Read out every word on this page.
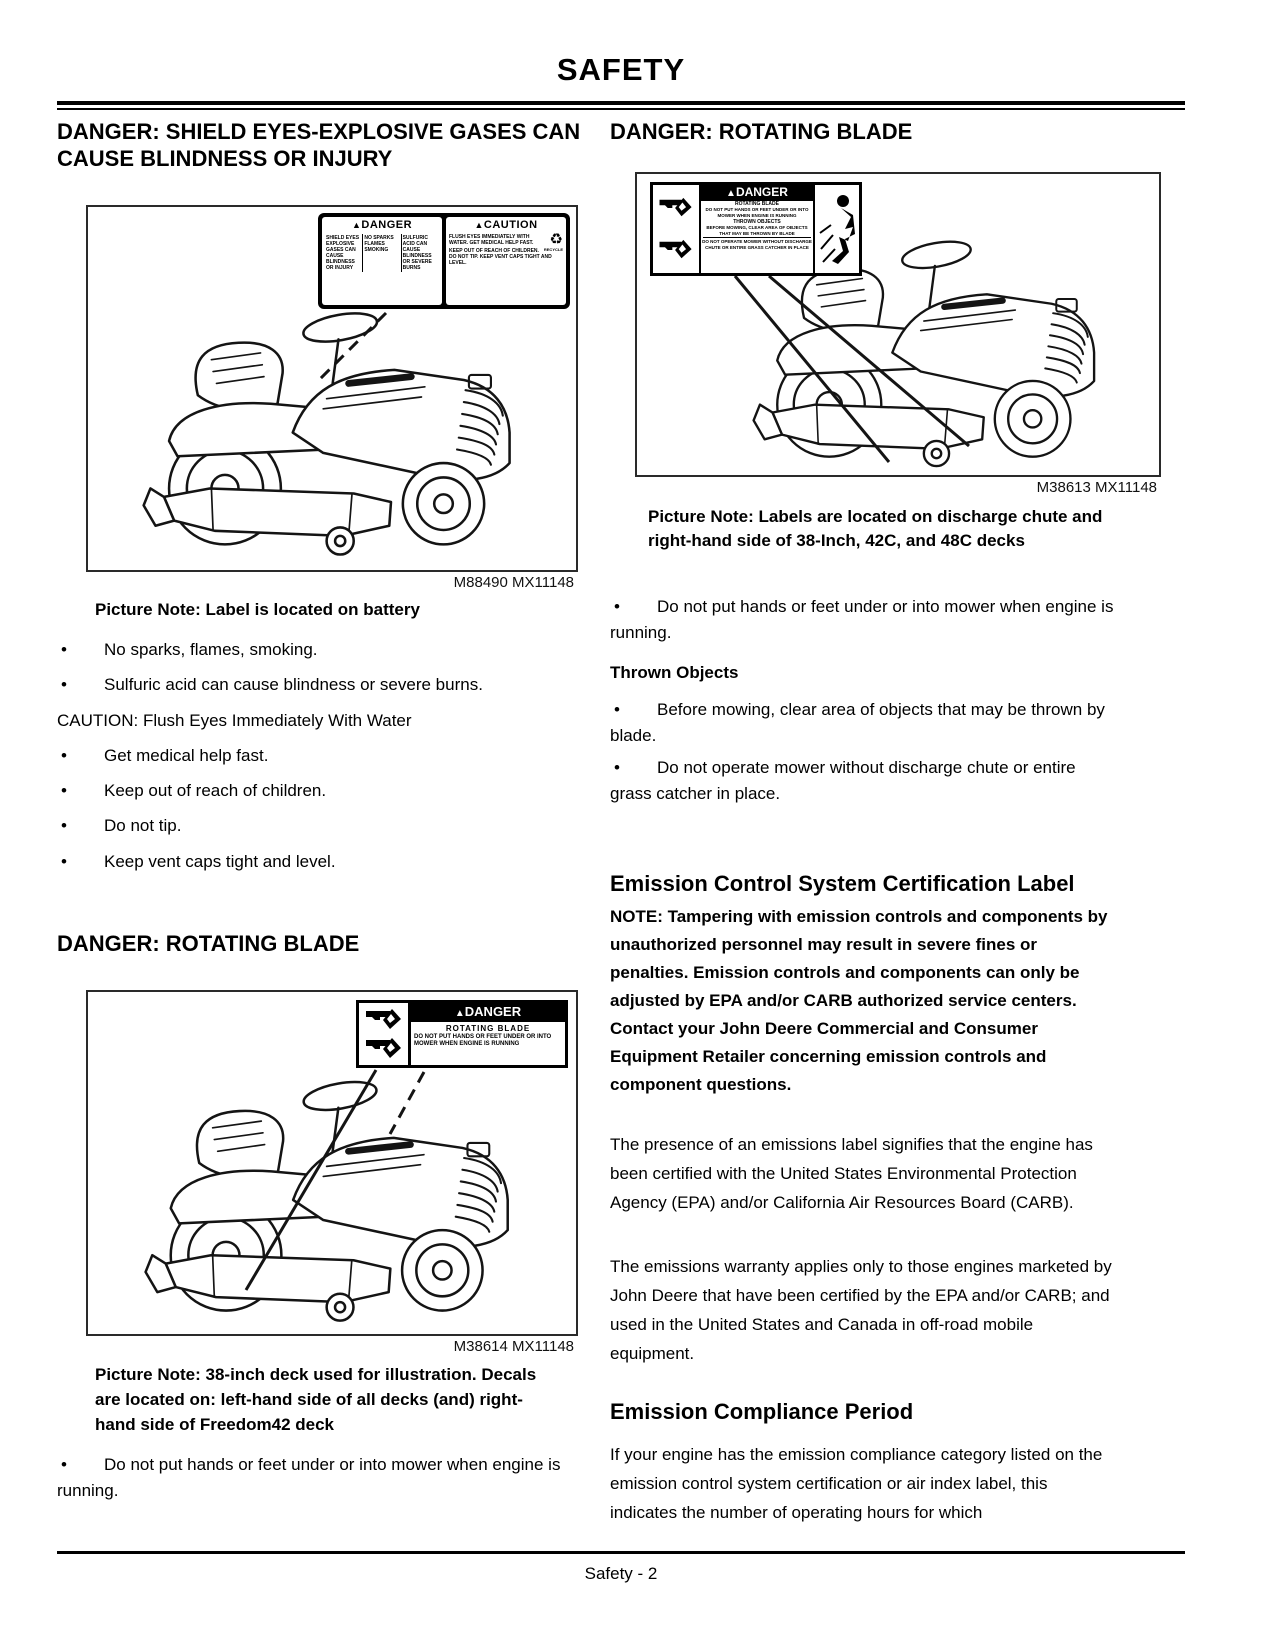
SAFETY
DANGER: SHIELD EYES-EXPLOSIVE GASES CAN CAUSE BLINDNESS OR INJURY
▲DANGER
SHIELD EYES EXPLOSIVE GASES CAN CAUSE BLINDNESS OR INJURY
NO SPARKS FLAMES SMOKING
SULFURIC ACID CAN CAUSE BLINDNESS OR SEVERE BURNS
▲CAUTION
♻
RECYCLE
FLUSH EYES IMMEDIATELY WITH WATER. GET MEDICAL HELP FAST.
KEEP OUT OF REACH OF CHILDREN. DO NOT TIP. KEEP VENT CAPS TIGHT AND LEVEL.
M88490 MX11148

Picture Note: Label is located on battery

• No sparks, flames, smoking.

• Sulfuric acid can cause blindness or severe burns.

CAUTION: Flush Eyes Immediately With Water

• Get medical help fast.

• Keep out of reach of children.

• Do not tip.

• Keep vent caps tight and level.

DANGER: ROTATING BLADE
▲DANGER
ROTATING BLADE
DO NOT PUT HANDS OR FEET UNDER OR INTO MOWER WHEN ENGINE IS RUNNING
M38614 MX11148

Picture Note: 38-inch deck used for illustration. Decals are located on: left-hand side of all decks (and) right-hand side of Freedom42 deck

• Do not put hands or feet under or into mower when engine is running.

DANGER: ROTATING BLADE
▲DANGER
ROTATING BLADE
DO NOT PUT HANDS OR FEET UNDER OR INTO MOWER WHEN ENGINE IS RUNNING
THROWN OBJECTS
BEFORE MOWING, CLEAR AREA OF OBJECTS THAT MAY BE THROWN BY BLADE
DO NOT OPERATE MOWER WITHOUT DISCHARGE CHUTE OR ENTIRE GRASS CATCHER IN PLACE
M38613 MX11148

Picture Note: Labels are located on discharge chute and right-hand side of 38-Inch, 42C, and 48C decks

• Do not put hands or feet under or into mower when engine is running.

Thrown Objects

• Before mowing, clear area of objects that may be thrown by blade.

• Do not operate mower without discharge chute or entire grass catcher in place.

Emission Control System Certification Label

NOTE: Tampering with emission controls and components by unauthorized personnel may result in severe fines or penalties. Emission controls and components can only be adjusted by EPA and/or CARB authorized service centers. Contact your John Deere Commercial and Consumer Equipment Retailer concerning emission controls and component questions.

The presence of an emissions label signifies that the engine has been certified with the United States Environmental Protection Agency (EPA) and/or California Air Resources Board (CARB).

The emissions warranty applies only to those engines marketed by John Deere that have been certified by the EPA and/or CARB; and used in the United States and Canada in off-road mobile equipment.

Emission Compliance Period

If your engine has the emission compliance category listed on the emission control system certification or air index label, this indicates the number of operating hours for which

Safety - 2
